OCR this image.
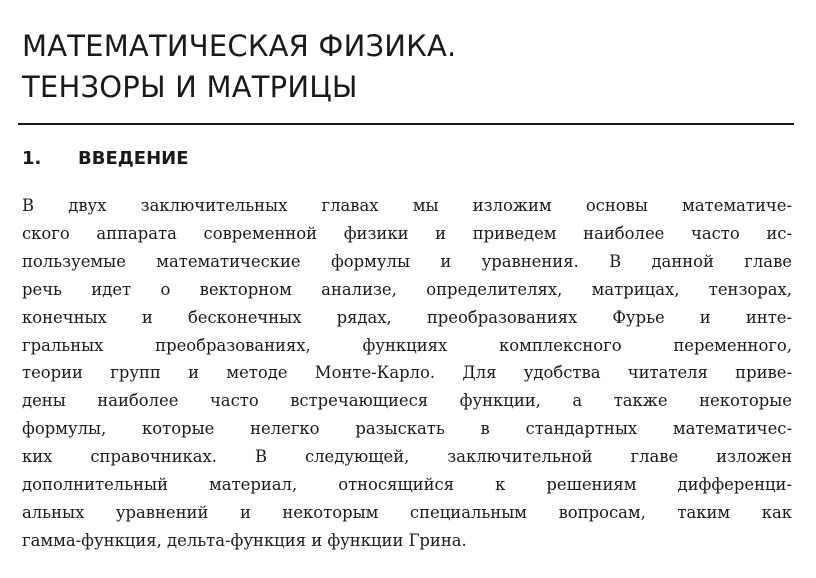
МАТЕМАТИЧЕСКАЯ ФИЗИКА.
ТЕНЗОРЫ И МАТРИЦЫ
1. ВВЕДЕНИЕ

В двух заключительных главах мы изложим основы математиче-
ского аппарата современной физики и приведем наиболее часто ис-
пользуемые математические формулы и уравнения. В данной главе
речь идет о векторном анализе, определителях, матрицах, тензорах,
конечных и бесконечных рядах, преобразованиях Фурье и инте-
гральных преобразованиях, функциях комплексного переменного,
теории групп и методе Монте-Карло. Для удобства читателя приве-
дены наиболее часто встречающиеся функции, а также некоторые
формулы, которые нелегко разыскать в стандартных математичес-
ких справочниках. В следующей, заключительной главе изложен
дополнительный материал, относящийся к решениям дифференци-
альных уравнений и некоторым специальным вопросам, таким как
гамма-функция, дельта-функция и функции Грина.
